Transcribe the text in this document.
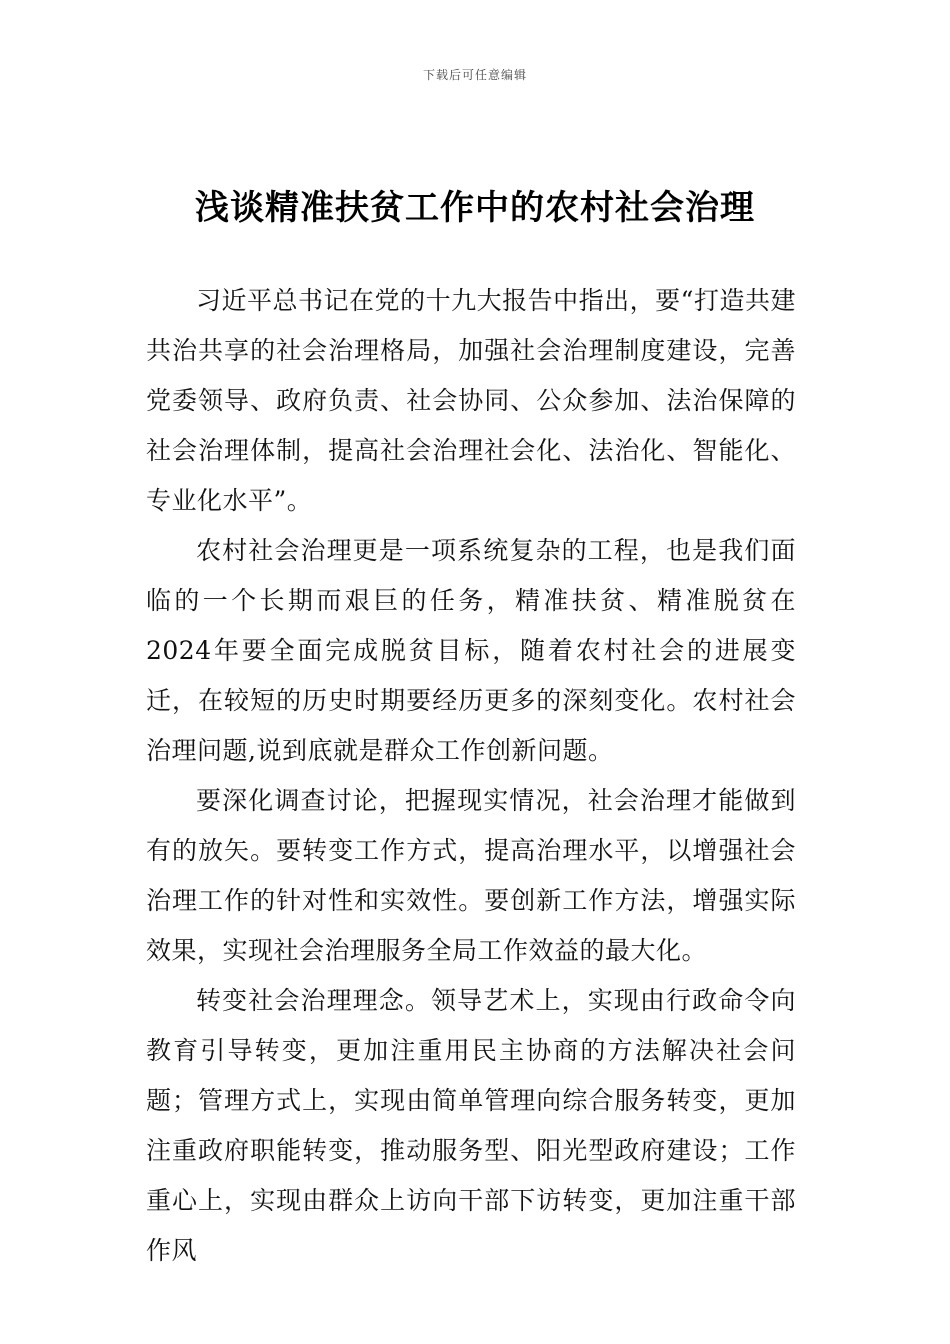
下载后可任意编辑
浅谈精准扶贫工作中的农村社会治理

习近平总书记在党的十九大报告中指出，要“打造共建共治共享的社会治理格局，加强社会治理制度建设，完善党委领导、政府负责、社会协同、公众参加、法治保障的社会治理体制，提高社会治理社会化、法治化、智能化、专业化水平”。

农村社会治理更是一项系统复杂的工程，也是我们面临的一个长期而艰巨的任务，精准扶贫、精准脱贫在2024年要全面完成脱贫目标，随着农村社会的进展变迁，在较短的历史时期要经历更多的深刻变化。农村社会治理问题,说到底就是群众工作创新问题。

要深化调查讨论，把握现实情况，社会治理才能做到有的放矢。要转变工作方式，提高治理水平，以增强社会治理工作的针对性和实效性。要创新工作方法，增强实际效果，实现社会治理服务全局工作效益的最大化。

转变社会治理理念。领导艺术上，实现由行政命令向教育引导转变，更加注重用民主协商的方法解决社会问题；管理方式上，实现由简单管理向综合服务转变，更加注重政府职能转变，推动服务型、阳光型政府建设；工作重心上，实现由群众上访向干部下访转变，更加注重干部作风
